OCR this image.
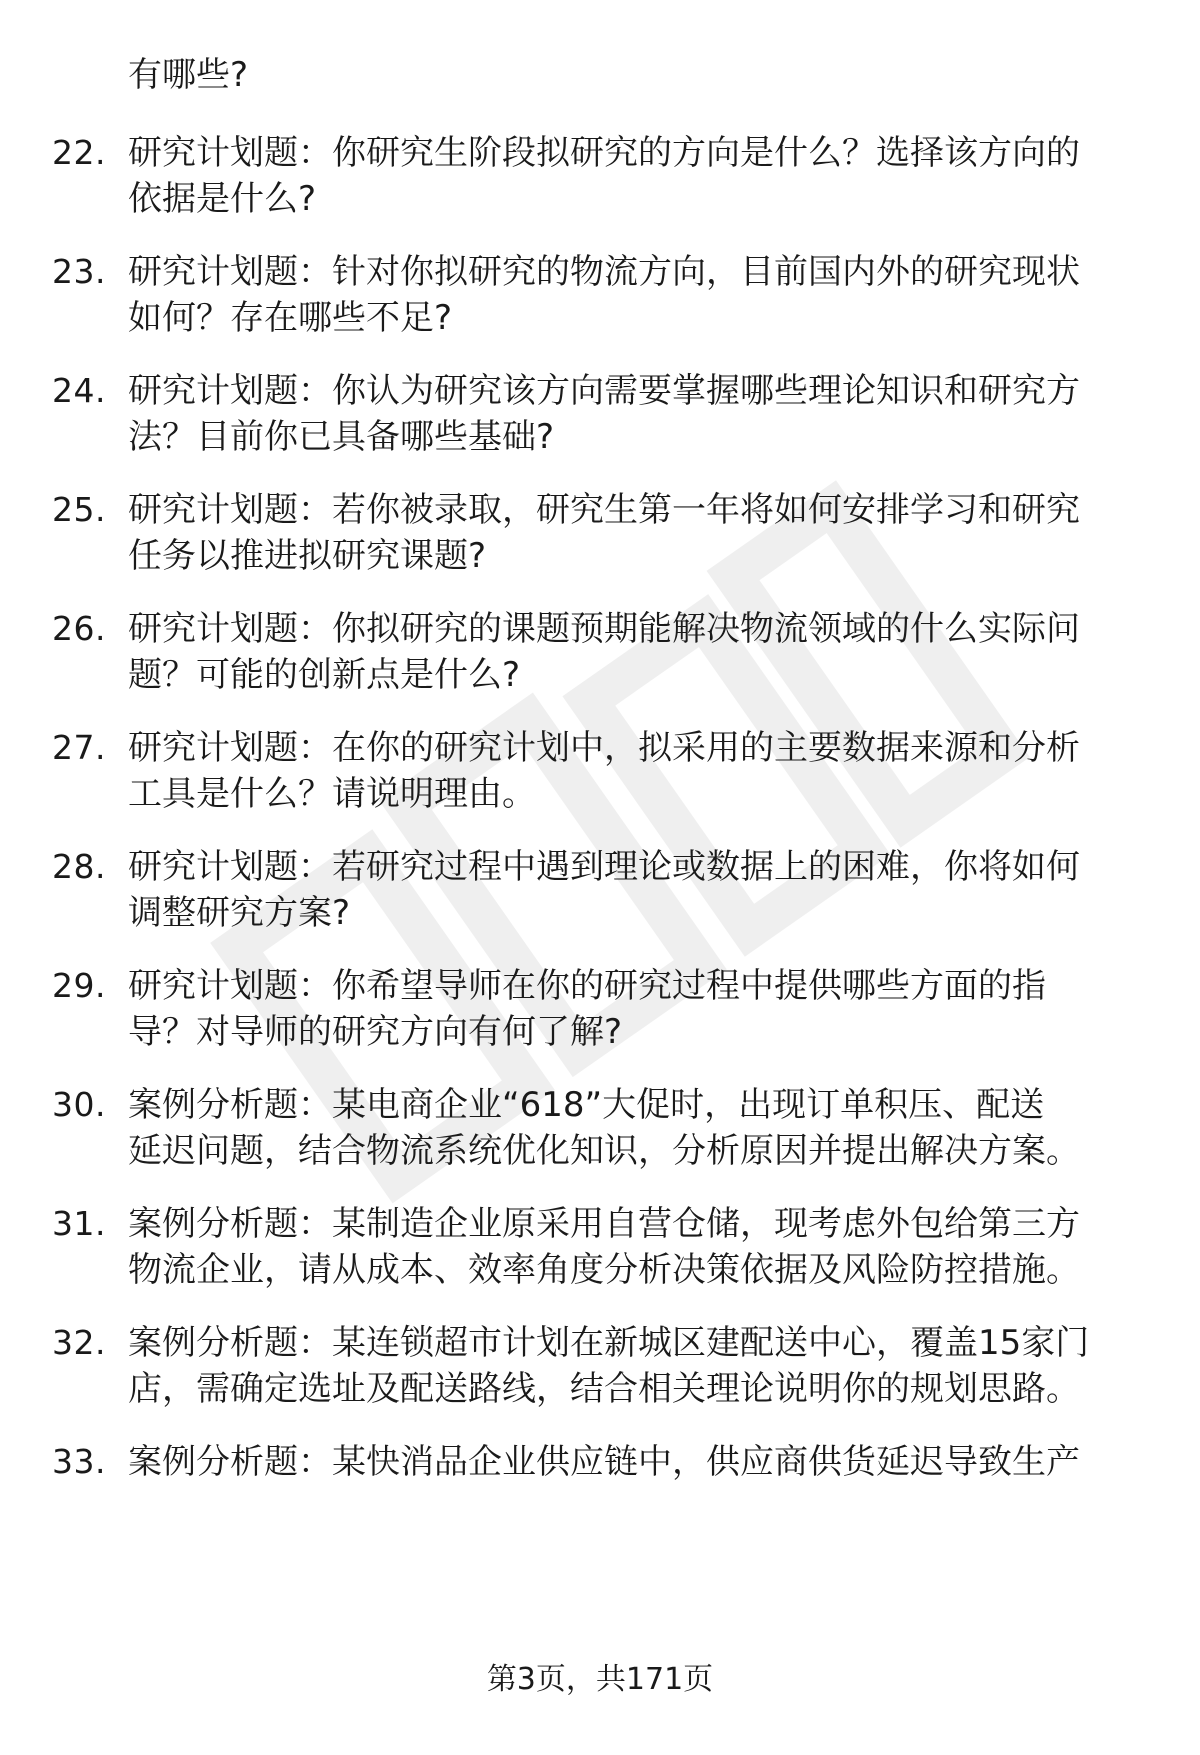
有哪些?
22. 研究计划题：你研究生阶段拟研究的方向是什么？选择该方向的
依据是什么?
23. 研究计划题：针对你拟研究的物流方向，目前国内外的研究现状
如何？存在哪些不足?
24. 研究计划题：你认为研究该方向需要掌握哪些理论知识和研究方
法？目前你已具备哪些基础?
25. 研究计划题：若你被录取，研究生第一年将如何安排学习和研究
任务以推进拟研究课题?
26. 研究计划题：你拟研究的课题预期能解决物流领域的什么实际问
题？可能的创新点是什么?
27. 研究计划题：在你的研究计划中，拟采用的主要数据来源和分析
工具是什么？请说明理由。
28. 研究计划题：若研究过程中遇到理论或数据上的困难，你将如何
调整研究方案?
29. 研究计划题：你希望导师在你的研究过程中提供哪些方面的指
导？对导师的研究方向有何了解?
30. 案例分析题：某电商企业“618”大促时，出现订单积压、配送
延迟问题，结合物流系统优化知识，分析原因并提出解决方案。
31. 案例分析题：某制造企业原采用自营仓储，现考虑外包给第三方
物流企业，请从成本、效率角度分析决策依据及风险防控措施。
32. 案例分析题：某连锁超市计划在新城区建配送中心，覆盖15家门
店，需确定选址及配送路线，结合相关理论说明你的规划思路。
33. 案例分析题：某快消品企业供应链中，供应商供货延迟导致生产
第3页，共171页
